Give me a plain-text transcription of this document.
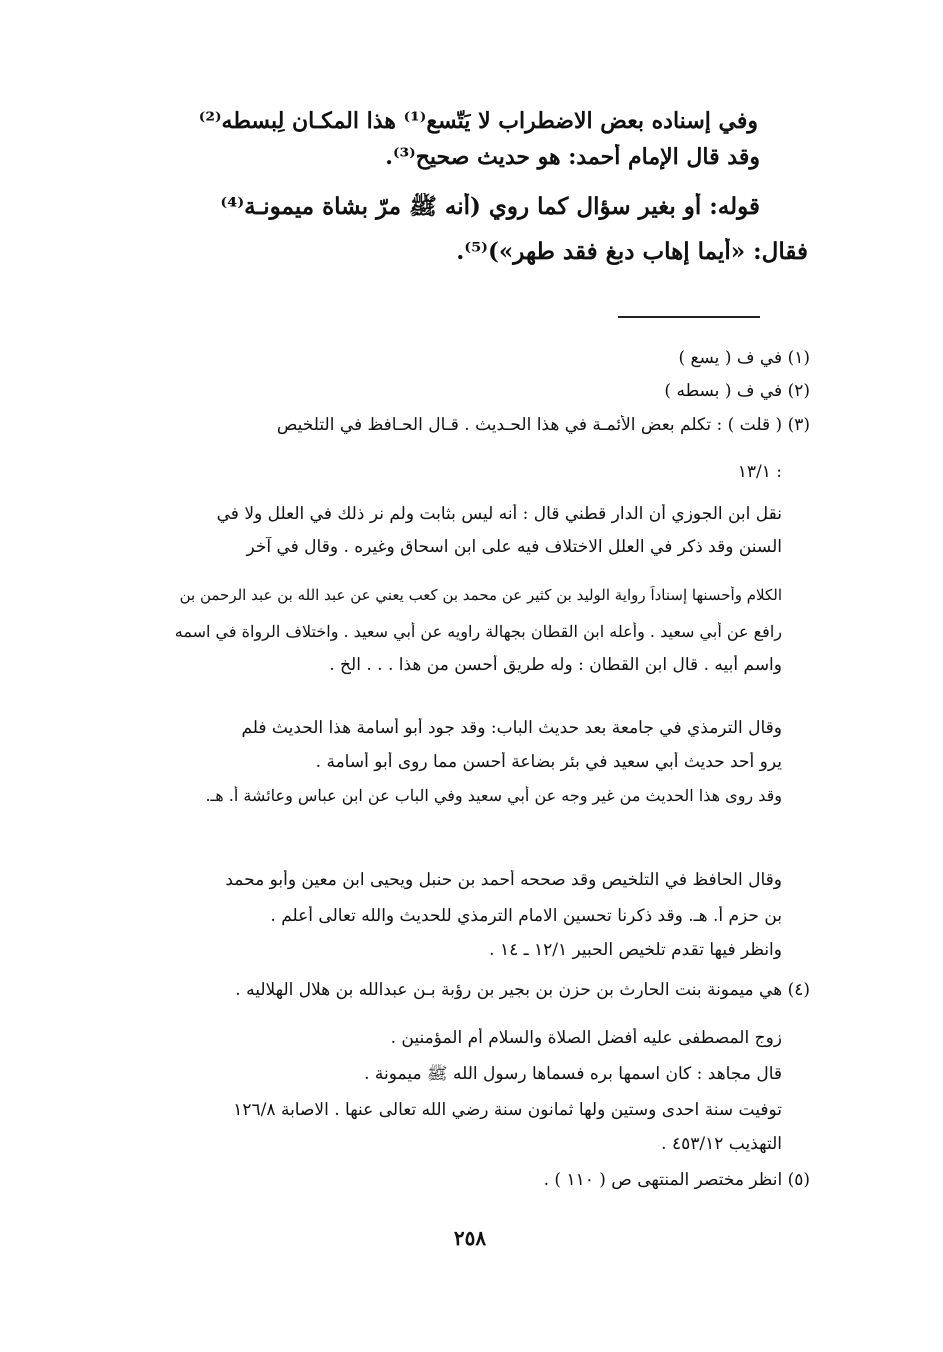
وفي إسناده بعض الاضطراب لا يَتّسع⁽¹⁾ هذا المكـان لِبسطه⁽²⁾
وقد قال الإمام أحمد: هو حديث صحيح⁽³⁾.
قوله: أو بغير سؤال كما روي (أنه ﷺ مرّ بشاة ميمونـة⁽⁴⁾
فقال: «أيما إهاب دبغ فقد طهر»)⁽⁵⁾.
(١) في ف ( يسع )
(٢) في ف ( بسطه )
(٣) ( قلت ) : تكلم بعض الأئمـة في هذا الحـديث . قـال الحـافظ في التلخيص
: ١٣/١
نقل ابن الجوزي أن الدار قطني قال : أنه ليس بثابت ولم نر ذلك في العلل ولا في
السنن وقد ذكر في العلل الاختلاف فيه على ابن اسحاق وغيره . وقال في آخر
الكلام وأحسنها إسناداً رواية الوليد بن كثير عن محمد بن كعب يعني عن عبد الله بن عبد الرحمن بن
رافع عن أبي سعيد . وأعله ابن القطان بجهالة راويه عن أبي سعيد . واختلاف الرواة في اسمه
واسم أبيه . قال ابن القطان : وله طريق أحسن من هذا . . . الخ .
وقال الترمذي في جامعة بعد حديث الباب: وقد جود أبو أسامة هذا الحديث فلم
يرو أحد حديث أبي سعيد في بئر بضاعة أحسن مما روى أبو أسامة .
وقد روى هذا الحديث من غير وجه عن أبي سعيد وفي الباب عن ابن عباس وعائشة أ. هـ.
وقال الحافظ في التلخيص وقد صححه أحمد بن حنبل ويحيى ابن معين وأبو محمد
بن حزم أ. هـ. وقد ذكرنا تحسين الامام الترمذي للحديث والله تعالى أعلم .
وانظر فيها تقدم تلخيص الحبير ١٢/١ ـ ١٤ .
(٤) هي ميمونة بنت الحارث بن حزن بن بجير بن رؤبة بـن عبدالله بن هلال الهلاليه .
زوج المصطفى عليه أفضل الصلاة والسلام أم المؤمنين .
قال مجاهد : كان اسمها بره فسماها رسول الله ﷺ ميمونة .
توفيت سنة احدى وستين ولها ثمانون سنة رضي الله تعالى عنها . الاصابة ١٢٦/٨
التهذيب ٤٥٣/١٢ .
(٥) انظر مختصر المنتهى ص ( ١١٠ ) .
٢٥٨
